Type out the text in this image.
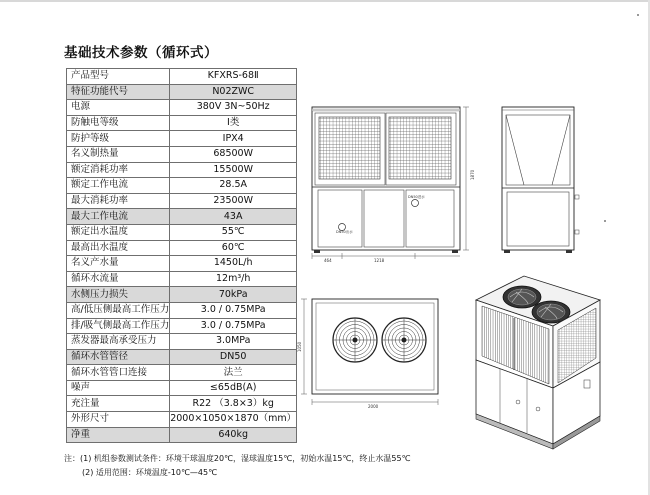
基础技术参数（循环式）
产品型号	KFXRS-68Ⅱ
特征功能代号	N02ZWC
电源	380V 3N~50Hz
防触电等级	Ⅰ类
防护等级	IPX4
名义制热量	68500W
额定消耗功率	15500W
额定工作电流	28.5A
最大消耗功率	23500W
最大工作电流	43A
额定出水温度	55℃
最高出水温度	60℃
名义产水量	1450L/h
循环水流量	12m³/h
水侧压力损失	70kPa
高/低压侧最高工作压力	3.0 / 0.75MPa
排/吸气侧最高工作压力	3.0 / 0.75MPa
蒸发器最高承受压力	3.0MPa
循环水管管径	DN50
循环水管管口连接	法兰
噪声	≤65dB(A)
充注量	R22 （3.8×3）kg
外形尺寸	2000×1050×1870（mm）
净重	640kg
注：(1) 机组参数测试条件：环境干球温度20℃，湿球温度15℃，初始水温15℃，终止水温55℃
(2) 适用范围：环境温度-10℃—45℃
1870
464	1218
DN50出水
DN50进水
1050
2000
